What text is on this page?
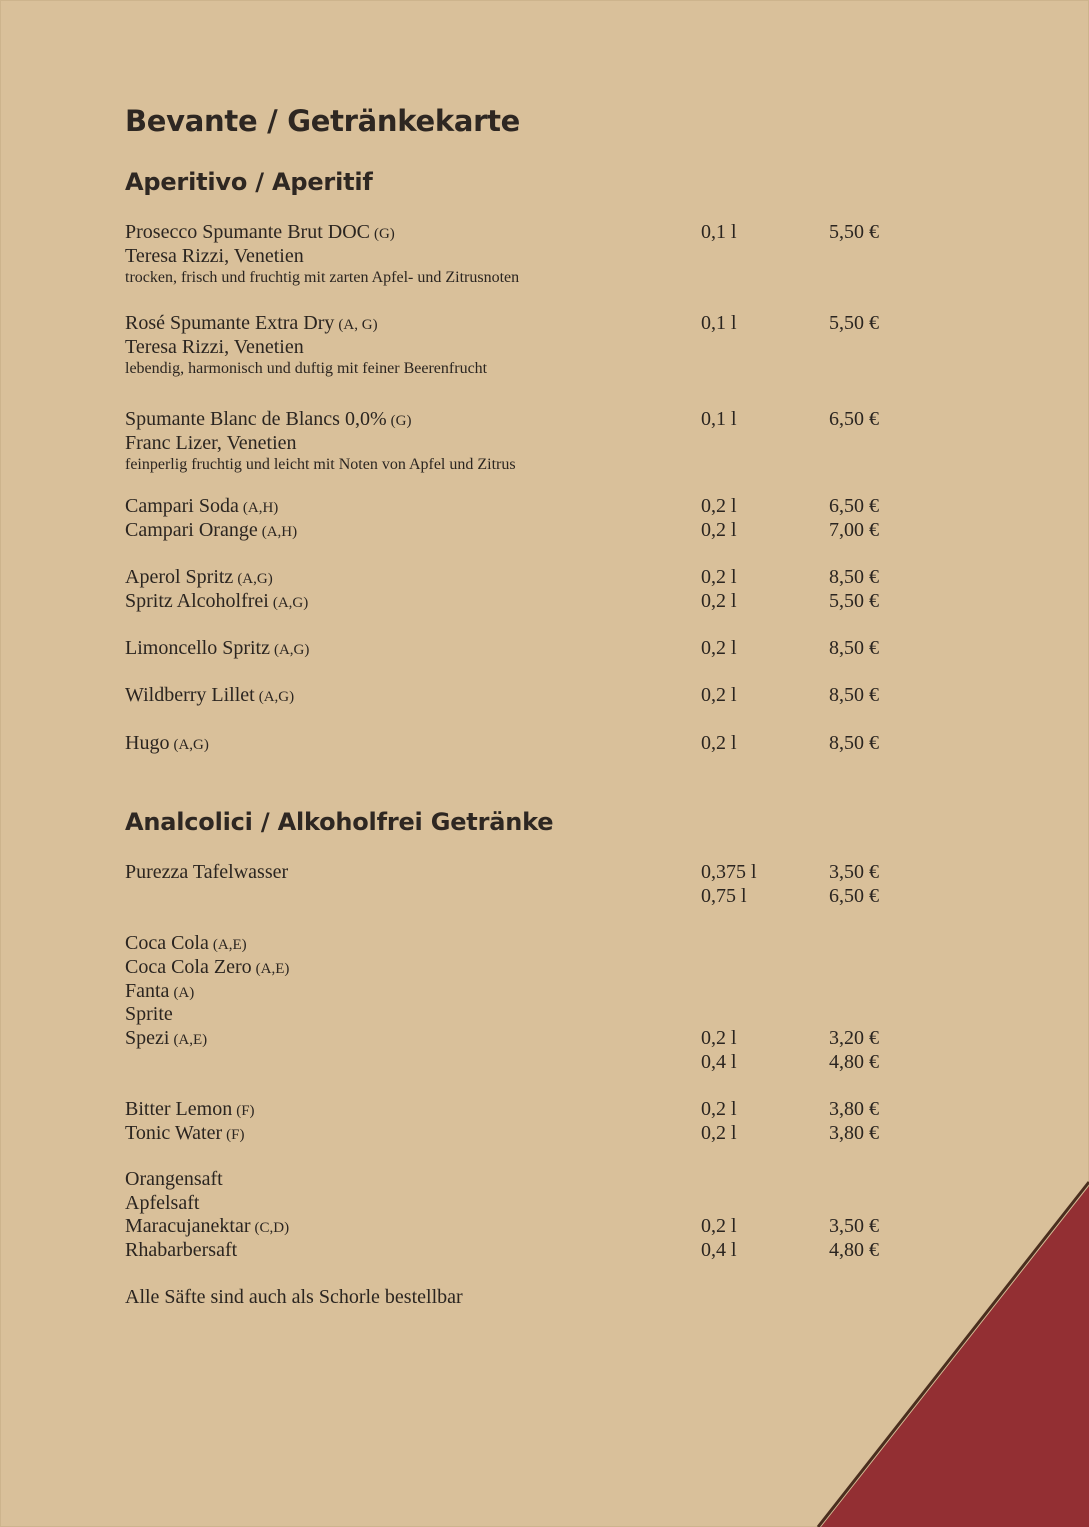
Bevante / Getränkekarte
Aperitivo / Aperitif
Prosecco Spumante Brut DOC (G)	0,1 l	5,50 €
Teresa Rizzi, Venetien
trocken, frisch und fruchtig mit zarten Apfel- und Zitrusnoten
Rosé Spumante Extra Dry (A, G)	0,1 l	5,50 €
Teresa Rizzi, Venetien
lebendig, harmonisch und duftig mit feiner Beerenfrucht
Spumante Blanc de Blancs 0,0% (G)	0,1 l	6,50 €
Franc Lizer, Venetien
feinperlig fruchtig und leicht mit Noten von Apfel und Zitrus
Campari Soda (A,H)	0,2 l	6,50 €
Campari Orange (A,H)	0,2 l	7,00 €
Aperol Spritz (A,G)	0,2 l	8,50 €
Spritz Alcoholfrei (A,G)	0,2 l	5,50 €
Limoncello Spritz (A,G)	0,2 l	8,50 €
Wildberry Lillet (A,G)	0,2 l	8,50 €
Hugo (A,G)	0,2 l	8,50 €
Analcolici / Alkoholfrei Getränke
Purezza Tafelwasser	0,375 l	3,50 €
0,75 l	6,50 €
Coca Cola (A,E)
Coca Cola Zero (A,E)
Fanta (A)
Sprite
Spezi (A,E)	0,2 l	3,20 €
0,4 l	4,80 €
Bitter Lemon (F)	0,2 l	3,80 €
Tonic Water (F)	0,2 l	3,80 €
Orangensaft
Apfelsaft
Maracujanektar (C,D)	0,2 l	3,50 €
Rhabarbersaft	0,4 l	4,80 €
Alle Säfte sind auch als Schorle bestellbar
